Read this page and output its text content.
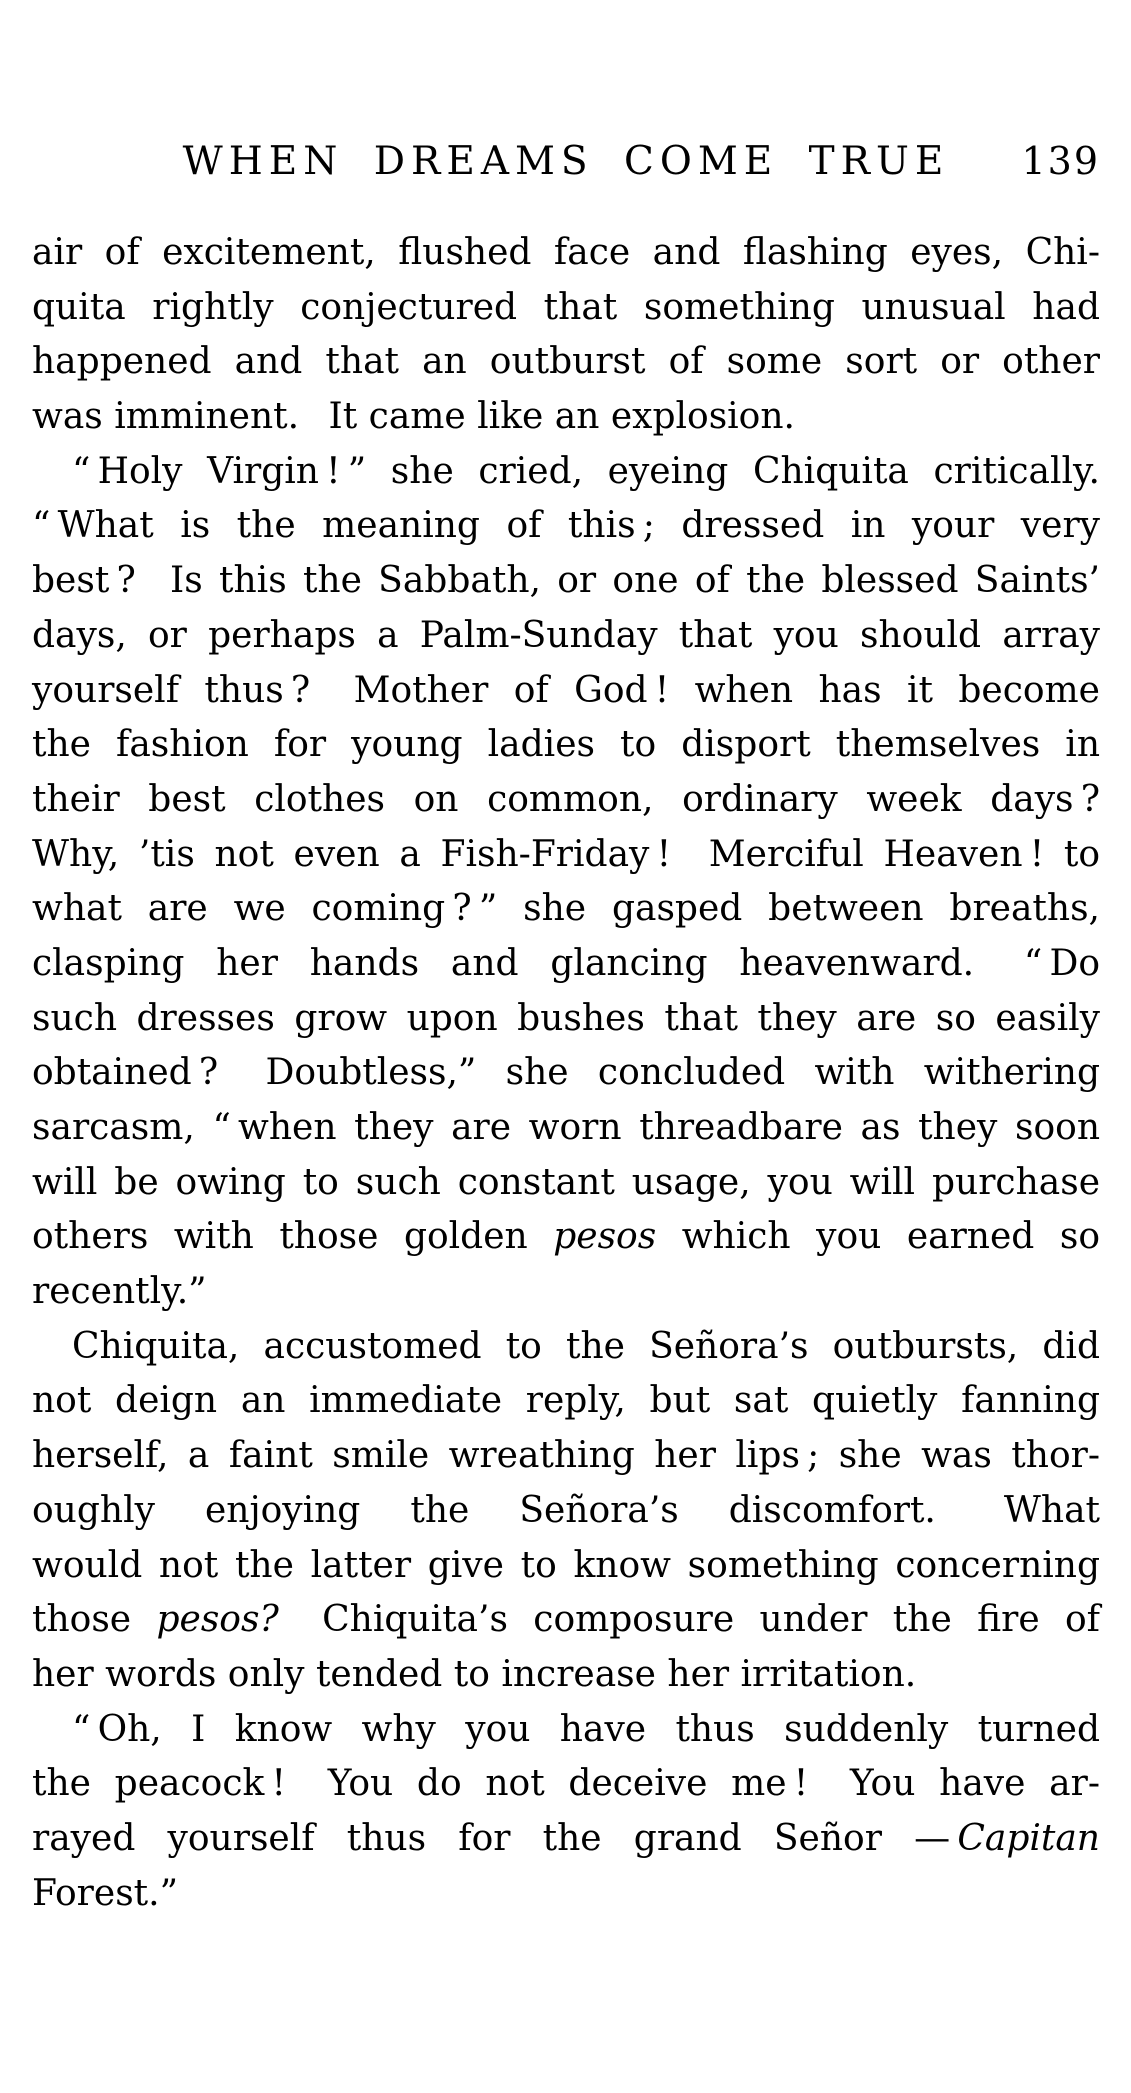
WHEN DREAMS COME TRUE	139
air of excitement, flushed face and flashing eyes, Chi-
quita rightly conjectured that something unusual had
happened and that an outburst of some sort or other
was imminent.  It came like an explosion.
“ Holy Virgin ! ” she cried, eyeing Chiquita critically.
“ What is the meaning of this ; dressed in your very
best ?  Is this the Sabbath, or one of the blessed Saints’
days, or perhaps a Palm-Sunday that you should array
yourself thus ?  Mother of God ! when has it become
the fashion for young ladies to disport themselves in
their best clothes on common, ordinary week days ?
Why, ’tis not even a Fish-Friday !  Merciful Heaven ! to
what are we coming ? ” she gasped between breaths,
clasping her hands and glancing heavenward.  “ Do
such dresses grow upon bushes that they are so easily
obtained ?  Doubtless,” she concluded with withering
sarcasm, “ when they are worn threadbare as they soon
will be owing to such constant usage, you will purchase
others with those golden pesos which you earned so
recently.”
Chiquita, accustomed to the Señora’s outbursts, did
not deign an immediate reply, but sat quietly fanning
herself, a faint smile wreathing her lips ; she was thor-
oughly enjoying the Señora’s discomfort.  What
would not the latter give to know something concerning
those pesos?  Chiquita’s composure under the fire of
her words only tended to increase her irritation.
“ Oh, I know why you have thus suddenly turned
the peacock !  You do not deceive me !  You have ar-
rayed yourself thus for the grand Señor — Capitan
Forest.”
